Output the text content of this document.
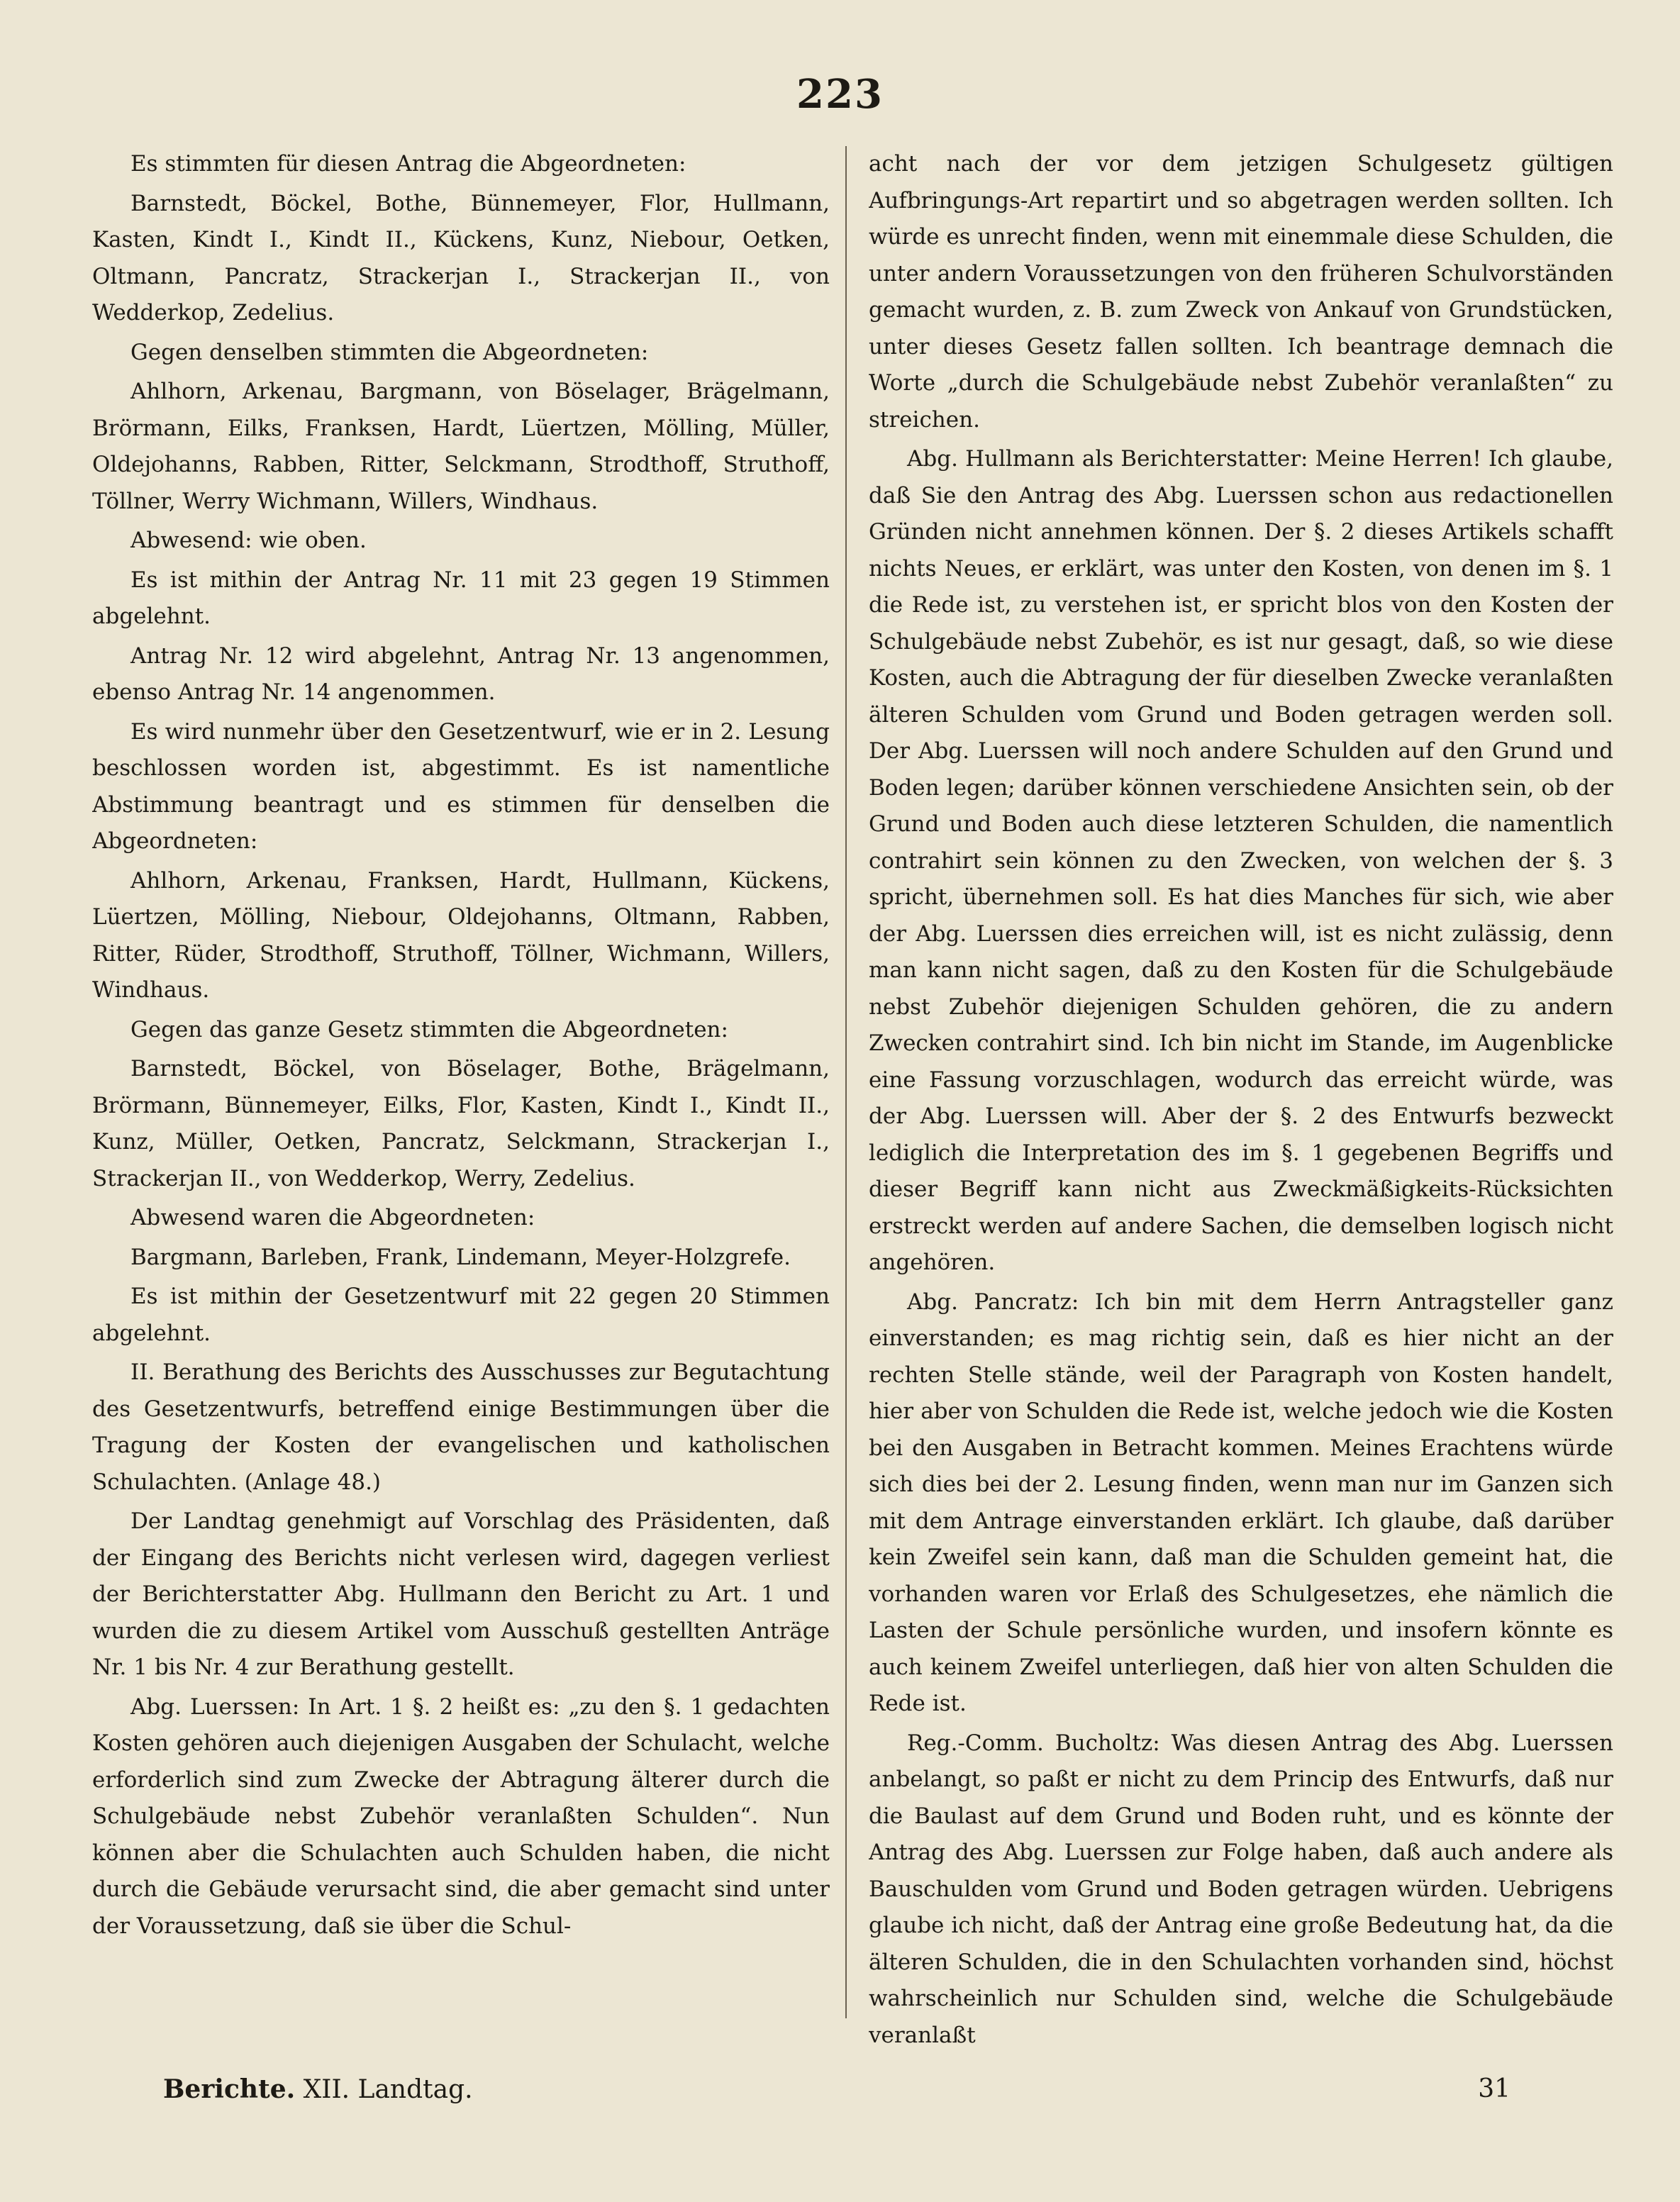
223

Es stimmten für diesen Antrag die Abgeordneten:

Barnstedt, Böckel, Bothe, Bünnemeyer, Flor, Hullmann, Kasten, Kindt I., Kindt II., Kückens, Kunz, Niebour, Oetken, Oltmann, Pancratz, Strackerjan I., Strackerjan II., von Wedderkop, Zedelius.

Gegen denselben stimmten die Abgeordneten:

Ahlhorn, Arkenau, Bargmann, von Böselager, Brägelmann, Brörmann, Eilks, Franksen, Hardt, Lüertzen, Mölling, Müller, Oldejohanns, Rabben, Ritter, Selckmann, Strodthoff, Struthoff, Töllner, Werry Wichmann, Willers, Windhaus.

Abwesend: wie oben.

Es ist mithin der Antrag Nr. 11 mit 23 gegen 19 Stimmen abgelehnt.

Antrag Nr. 12 wird abgelehnt, Antrag Nr. 13 angenommen, ebenso Antrag Nr. 14 angenommen.

Es wird nunmehr über den Gesetzentwurf, wie er in 2. Lesung beschlossen worden ist, abgestimmt. Es ist namentliche Abstimmung beantragt und es stimmen für denselben die Abgeordneten:

Ahlhorn, Arkenau, Franksen, Hardt, Hullmann, Kückens, Lüertzen, Mölling, Niebour, Oldejohanns, Oltmann, Rabben, Ritter, Rüder, Strodthoff, Struthoff, Töllner, Wichmann, Willers, Windhaus.

Gegen das ganze Gesetz stimmten die Abgeordneten:

Barnstedt, Böckel, von Böselager, Bothe, Brägelmann, Brörmann, Bünnemeyer, Eilks, Flor, Kasten, Kindt I., Kindt II., Kunz, Müller, Oetken, Pancratz, Selckmann, Strackerjan I., Strackerjan II., von Wedderkop, Werry, Zedelius.

Abwesend waren die Abgeordneten:

Bargmann, Barleben, Frank, Lindemann, Meyer-Holzgrefe.

Es ist mithin der Gesetzentwurf mit 22 gegen 20 Stimmen abgelehnt.

II. Berathung des Berichts des Ausschusses zur Begutachtung des Gesetzentwurfs, betreffend einige Bestimmungen über die Tragung der Kosten der evangelischen und katholischen Schulachten. (Anlage 48.)

Der Landtag genehmigt auf Vorschlag des Präsidenten, daß der Eingang des Berichts nicht verlesen wird, dagegen verliest der Berichterstatter Abg. Hullmann den Bericht zu Art. 1 und wurden die zu diesem Artikel vom Ausschuß gestellten Anträge Nr. 1 bis Nr. 4 zur Berathung gestellt.

Abg. Luerssen: In Art. 1 §. 2 heißt es: „zu den §. 1 gedachten Kosten gehören auch diejenigen Ausgaben der Schulacht, welche erforderlich sind zum Zwecke der Abtragung älterer durch die Schulgebäude nebst Zubehör veranlaßten Schulden“. Nun können aber die Schulachten auch Schulden haben, die nicht durch die Gebäude verursacht sind, die aber gemacht sind unter der Voraussetzung, daß sie über die Schul-

acht nach der vor dem jetzigen Schulgesetz gültigen Aufbringungs-Art repartirt und so abgetragen werden sollten. Ich würde es unrecht finden, wenn mit einemmale diese Schulden, die unter andern Voraussetzungen von den früheren Schulvorständen gemacht wurden, z. B. zum Zweck von Ankauf von Grundstücken, unter dieses Gesetz fallen sollten. Ich beantrage demnach die Worte „durch die Schulgebäude nebst Zubehör veranlaßten“ zu streichen.

Abg. Hullmann als Berichterstatter: Meine Herren! Ich glaube, daß Sie den Antrag des Abg. Luerssen schon aus redactionellen Gründen nicht annehmen können. Der §. 2 dieses Artikels schafft nichts Neues, er erklärt, was unter den Kosten, von denen im §. 1 die Rede ist, zu verstehen ist, er spricht blos von den Kosten der Schulgebäude nebst Zubehör, es ist nur gesagt, daß, so wie diese Kosten, auch die Abtragung der für dieselben Zwecke veranlaßten älteren Schulden vom Grund und Boden getragen werden soll. Der Abg. Luerssen will noch andere Schulden auf den Grund und Boden legen; darüber können verschiedene Ansichten sein, ob der Grund und Boden auch diese letzteren Schulden, die namentlich contrahirt sein können zu den Zwecken, von welchen der §. 3 spricht, übernehmen soll. Es hat dies Manches für sich, wie aber der Abg. Luerssen dies erreichen will, ist es nicht zulässig, denn man kann nicht sagen, daß zu den Kosten für die Schulgebäude nebst Zubehör diejenigen Schulden gehören, die zu andern Zwecken contrahirt sind. Ich bin nicht im Stande, im Augenblicke eine Fassung vorzuschlagen, wodurch das erreicht würde, was der Abg. Luerssen will. Aber der §. 2 des Entwurfs bezweckt lediglich die Interpretation des im §. 1 gegebenen Begriffs und dieser Begriff kann nicht aus Zweckmäßigkeits-Rücksichten erstreckt werden auf andere Sachen, die demselben logisch nicht angehören.

Abg. Pancratz: Ich bin mit dem Herrn Antragsteller ganz einverstanden; es mag richtig sein, daß es hier nicht an der rechten Stelle stände, weil der Paragraph von Kosten handelt, hier aber von Schulden die Rede ist, welche jedoch wie die Kosten bei den Ausgaben in Betracht kommen. Meines Erachtens würde sich dies bei der 2. Lesung finden, wenn man nur im Ganzen sich mit dem Antrage einverstanden erklärt. Ich glaube, daß darüber kein Zweifel sein kann, daß man die Schulden gemeint hat, die vorhanden waren vor Erlaß des Schulgesetzes, ehe nämlich die Lasten der Schule persönliche wurden, und insofern könnte es auch keinem Zweifel unterliegen, daß hier von alten Schulden die Rede ist.

Reg.-Comm. Bucholtz: Was diesen Antrag des Abg. Luerssen anbelangt, so paßt er nicht zu dem Princip des Entwurfs, daß nur die Baulast auf dem Grund und Boden ruht, und es könnte der Antrag des Abg. Luerssen zur Folge haben, daß auch andere als Bauschulden vom Grund und Boden getragen würden. Uebrigens glaube ich nicht, daß der Antrag eine große Bedeutung hat, da die älteren Schulden, die in den Schulachten vorhanden sind, höchst wahrscheinlich nur Schulden sind, welche die Schulgebäude veranlaßt

Berichte. XII. Landtag.	31
